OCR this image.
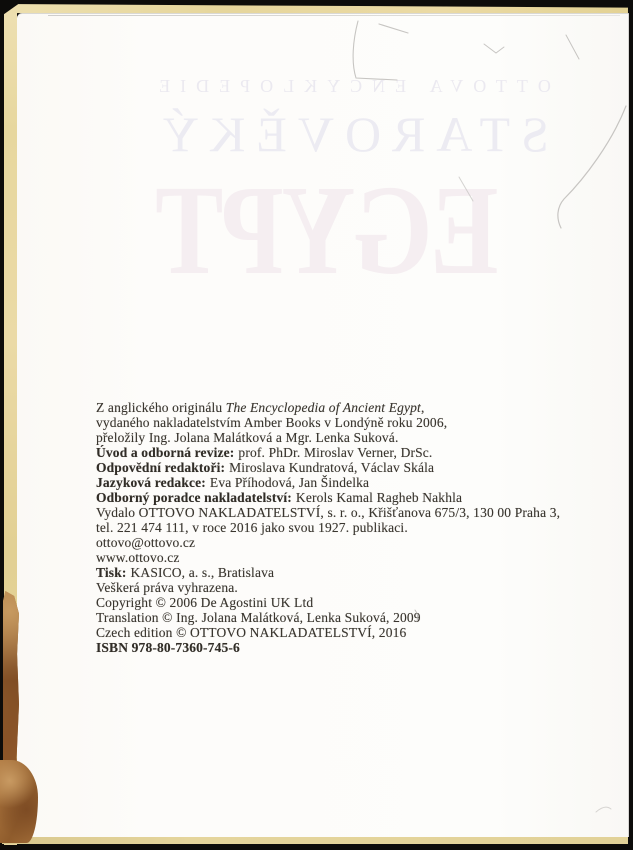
OTTOVA ENCYKLOPEDIE
STAROVĚKÝ
EGYPT

Z anglického originálu The Encyclopedia of Ancient Egypt,
vydaného nakladatelstvím Amber Books v Londýně roku 2006,
přeložily Ing. Jolana Malátková a Mgr. Lenka Suková.

Úvod a odborná revize: prof. PhDr. Miroslav Verner, DrSc.
Odpovědní redaktoři: Miroslava Kundratová, Václav Skála
Jazyková redakce: Eva Příhodová, Jan Šindelka
Odborný poradce nakladatelství: Kerols Kamal Ragheb Nakhla

Vydalo OTTOVO NAKLADATELSTVÍ, s. r. o., Křišťanova 675/3, 130 00 Praha 3,
tel. 221 474 111, v roce 2016 jako svou 1927. publikaci.

ottovo@ottovo.cz
www.ottovo.cz

Tisk: KASICO, a. s., Bratislava

Veškerá práva vyhrazena.

Copyright © 2006 De Agostini UK Ltd
Translation © Ing. Jolana Malátková, Lenka Suková, 2009
Czech edition © OTTOVO NAKLADATELSTVÍ, 2016

ISBN 978-80-7360-745-6
